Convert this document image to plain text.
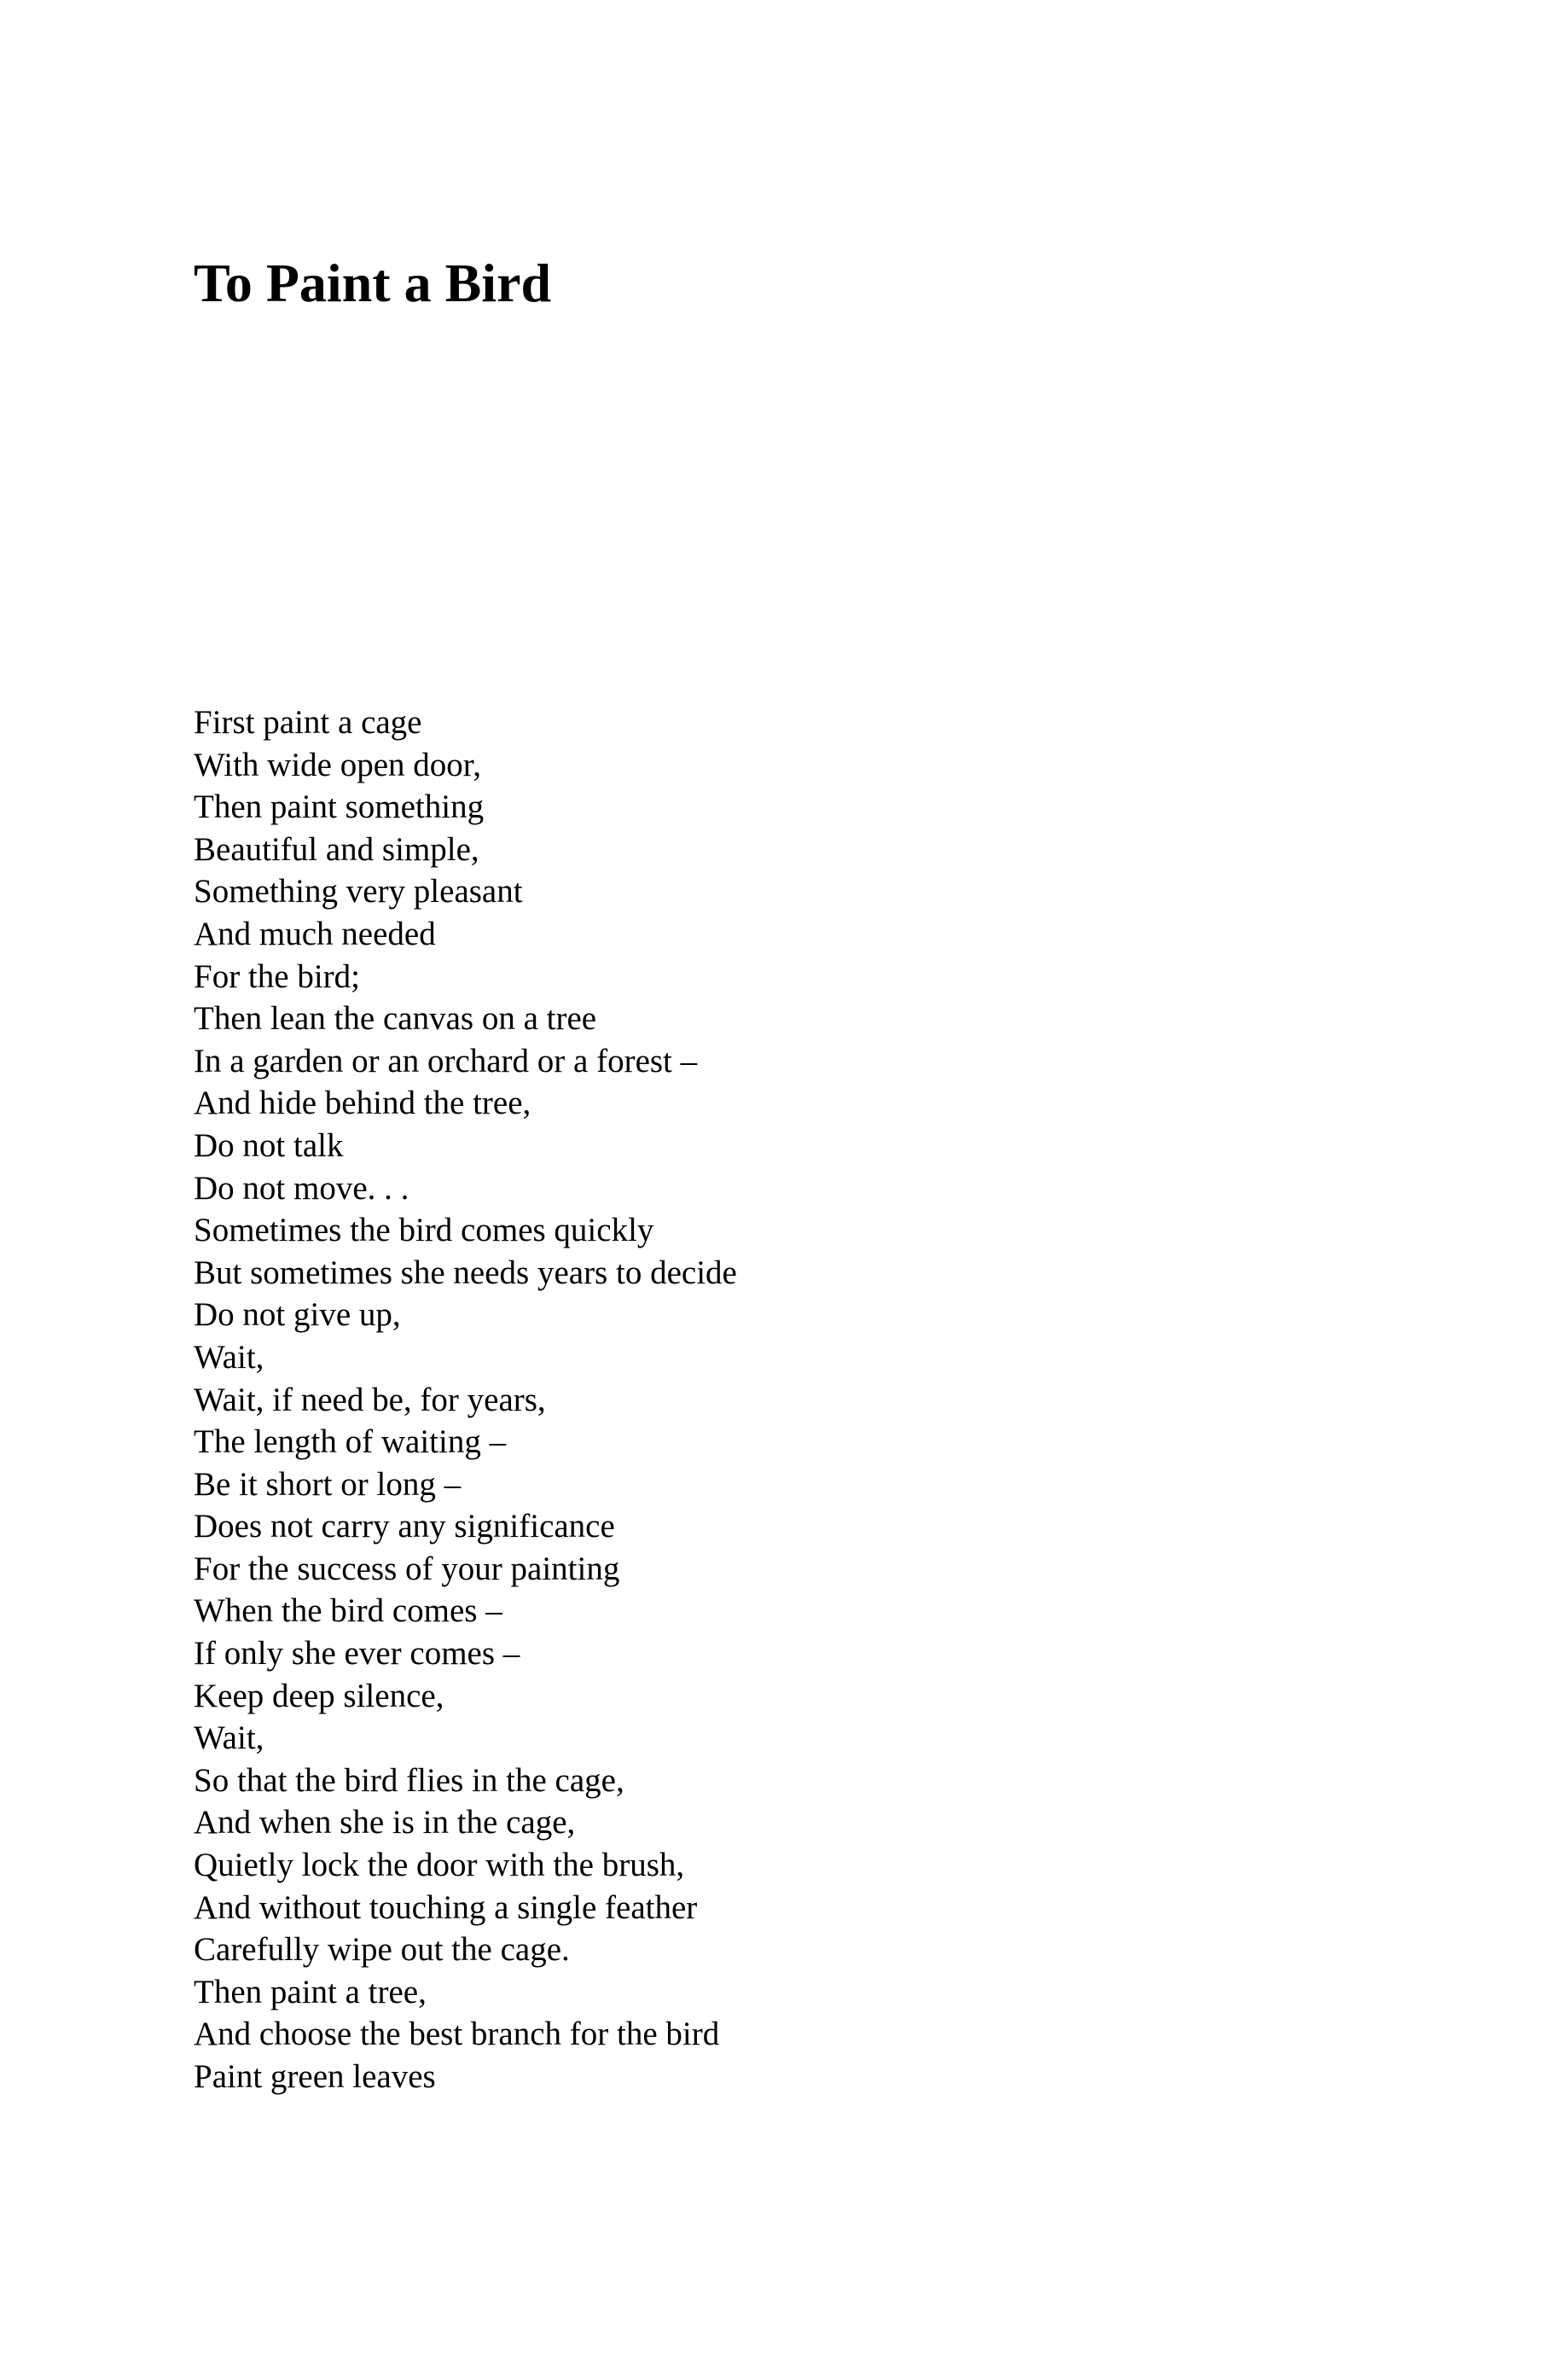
To Paint a Bird
First paint a cage
With wide open door,
Then paint something
Beautiful and simple,
Something very pleasant
And much needed
For the bird;
Then lean the canvas on a tree
In a garden or an orchard or a forest –
And hide behind the tree,
Do not talk
Do not move. . .
Sometimes the bird comes quickly
But sometimes she needs years to decide
Do not give up,
Wait,
Wait, if need be, for years,
The length of waiting –
Be it short or long –
Does not carry any significance
For the success of your painting
When the bird comes –
If only she ever comes –
Keep deep silence,
Wait,
So that the bird flies in the cage,
And when she is in the cage,
Quietly lock the door with the brush,
And without touching a single feather
Carefully wipe out the cage.
Then paint a tree,
And choose the best branch for the bird
Paint green leaves
